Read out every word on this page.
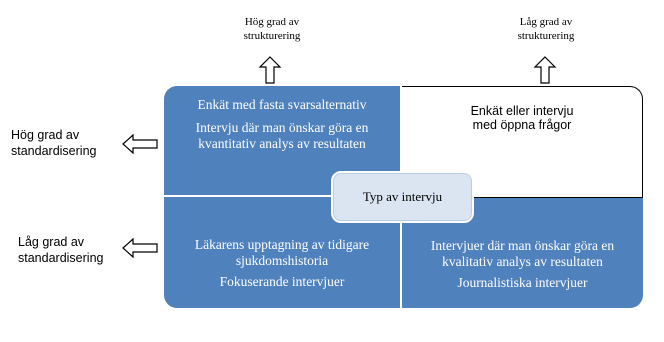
Hög grad av
strukturering
Låg grad av
strukturering
Hög grad av
standardisering
Låg grad av
standardisering
Enkät med fasta svarsalternativ
Intervju där man önskar göra en
kvantitativ analys av resultaten
Enkät eller intervju
med öppna frågor
Läkarens upptagning av tidigare
sjukdomshistoria
Fokuserande intervjuer
Intervjuer där man önskar göra en
kvalitativ analys av resultaten
Journalistiska intervjuer
Typ av intervju
